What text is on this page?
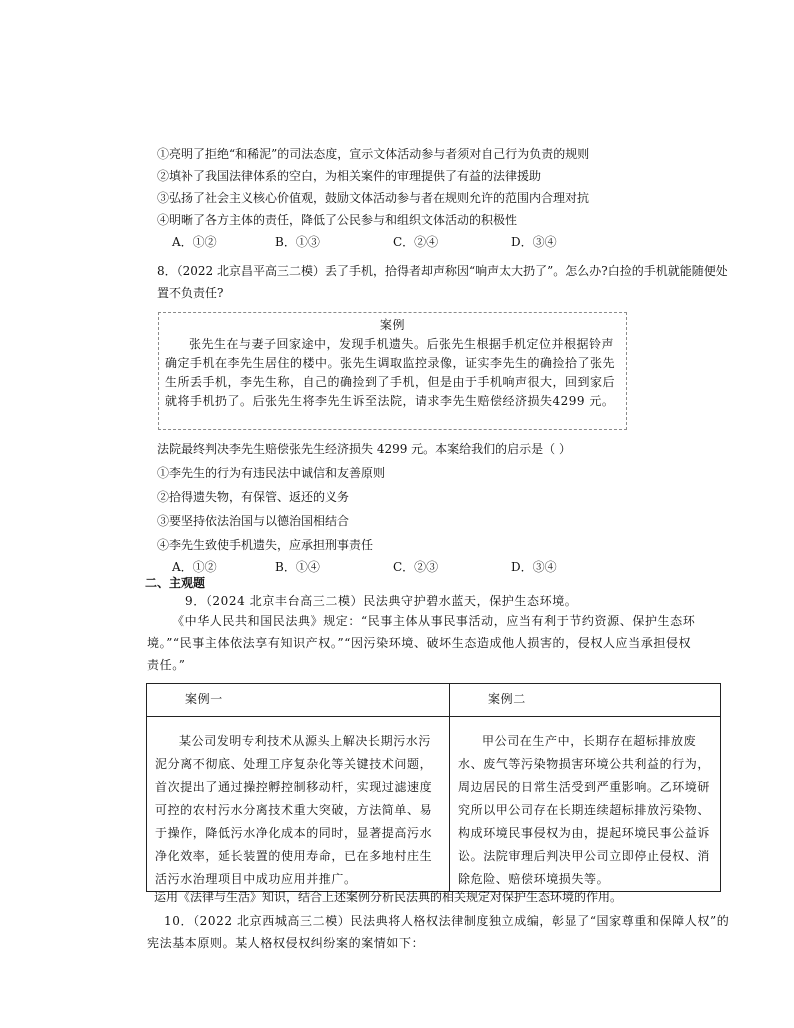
①亮明了拒绝“和稀泥”的司法态度，宣示文体活动参与者须对自己行为负责的规则
②填补了我国法律体系的空白，为相关案件的审理提供了有益的法律援助
③弘扬了社会主义核心价值观，鼓励文体活动参与者在规则允许的范围内合理对抗
④明晰了各方主体的责任，降低了公民参与和组织文体活动的积极性
A．①②	B．①③	C．②④	D．③④
8．（2022 北京昌平高三二模）丢了手机，拾得者却声称因“响声太大扔了”。怎么办?白捡的手机就能随便处
置不负责任?
案例
张先生在与妻子回家途中，发现手机遗失。后张先生根据手机定位并根据铃声确定手机在李先生居住的楼中。张先生调取监控录像，证实李先生的确捡拾了张先生所丢手机，李先生称，自己的确捡到了手机，但是由于手机响声很大，回到家后就将手机扔了。后张先生将李先生诉至法院，请求李先生赔偿经济损失4299 元。
法院最终判决李先生赔偿张先生经济损失 4299 元。本案给我们的启示是（ ）
①李先生的行为有违民法中诚信和友善原则
②拾得遗失物，有保管、返还的义务
③要坚持依法治国与以德治国相结合
④李先生致使手机遗失，应承担刑事责任
A．①②	B．①④	C．②③	D．③④
二、主观题
9．（2024 北京丰台高三二模）民法典守护碧水蓝天，保护生态环境。
《中华人民共和国民法典》规定：“民事主体从事民事活动，应当有利于节约资源、保护生态环
境。”“民事主体依法享有知识产权。”“因污染环境、破坏生态造成他人损害的，侵权人应当承担侵权
责任。”
案例一	案例二

某公司发明专利技术从源头上解决长期污水污泥分离不彻底、处理工序复杂化等关键技术问题，首次提出了通过操控孵控制移动杆，实现过滤速度可控的农村污水分离技术重大突破，方法简单、易于操作，降低污水净化成本的同时，显著提高污水净化效率，延长装置的使用寿命，已在多地村庄生活污水治理项目中成功应用并推广。	甲公司在生产中，长期存在超标排放废水、废气等污染物损害环境公共利益的行为，周边居民的日常生活受到严重影响。乙环境研究所以甲公司存在长期连续超标排放污染物、构成环境民事侵权为由，提起环境民事公益诉讼。法院审理后判决甲公司立即停止侵权、消除危险、赔偿环境损失等。
运用《法律与生活》知识，结合上述案例分析民法典的相关规定对保护生态环境的作用。
10．（2022 北京西城高三二模）民法典将人格权法律制度独立成编，彰显了“国家尊重和保障人权”的
宪法基本原则。某人格权侵权纠纷案的案情如下：
